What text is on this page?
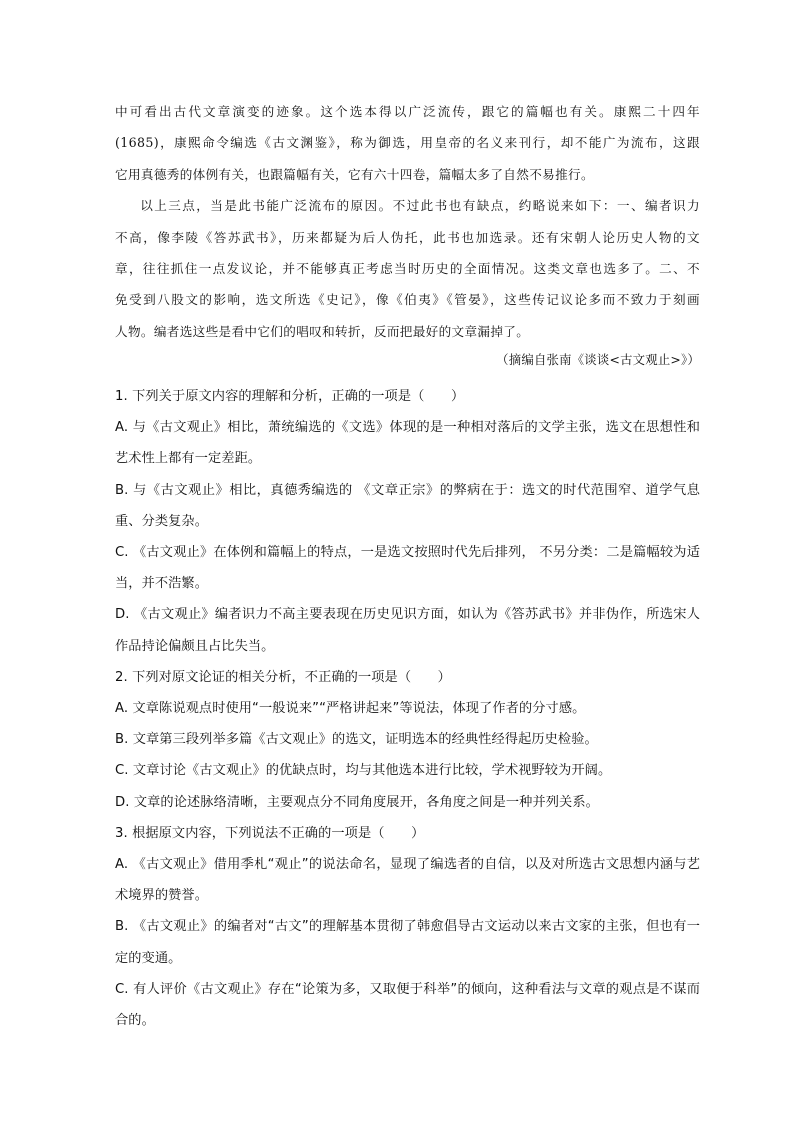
中可看出古代文章演变的迹象。这个选本得以广泛流传，跟它的篇幅也有关。康熙二十四年

(1685)，康熙命令编选《古文渊鉴》，称为御选，用皇帝的名义来刊行，却不能广为流布，这跟

它用真德秀的体例有关，也跟篇幅有关，它有六十四卷，篇幅太多了自然不易推行。

以上三点，当是此书能广泛流布的原因。不过此书也有缺点，约略说来如下：一、编者识力

不高，像李陵《答苏武书》，历来都疑为后人伪托，此书也加选录。还有宋朝人论历史人物的文

章，往往抓住一点发议论，并不能够真正考虑当时历史的全面情况。这类文章也选多了。二、不

免受到八股文的影响，选文所选《史记》，像《伯夷》《管晏》，这些传记议论多而不致力于刻画

人物。编者选这些是看中它们的唱叹和转折，反而把最好的文章漏掉了。

（摘编自张南《谈谈<古文观止>》）

1. 下列关于原文内容的理解和分析，正确的一项是（　　）

A. 与《古文观止》相比，萧统编选的《文选》体现的是一种相对落后的文学主张，选文在思想性和艺术性上都有一定差距。

B. 与《古文观止》相比，真德秀编选的 《文章正宗》的弊病在于：选文的时代范围窄、道学气息重、分类复杂。

C. 《古文观止》在体例和篇幅上的特点，一是选文按照时代先后排列， 不另分类：二是篇幅较为适当，并不浩繁。

D. 《古文观止》编者识力不高主要表现在历史见识方面，如认为《答苏武书》并非伪作，所选宋人作品持论偏颇且占比失当。

2. 下列对原文论证的相关分析，不正确的一项是（　　）

A. 文章陈说观点时使用“一般说来”“严格讲起来”等说法，体现了作者的分寸感。

B. 文章第三段列举多篇《古文观止》的选文，证明选本的经典性经得起历史检验。

C. 文章讨论《古文观止》的优缺点时，均与其他选本进行比较，学术视野较为开阔。

D. 文章的论述脉络清晰，主要观点分不同角度展开，各角度之间是一种并列关系。

3. 根据原文内容，下列说法不正确的一项是（　　）

A. 《古文观止》借用季札“观止”的说法命名，显现了编选者的自信，以及对所选古文思想内涵与艺术境界的赞誉。

B. 《古文观止》的编者对“古文”的理解基本贯彻了韩愈倡导古文运动以来古文家的主张，但也有一定的变通。

C. 有人评价《古文观止》存在“论策为多，又取便于科举”的倾向，这种看法与文章的观点是不谋而合的。
